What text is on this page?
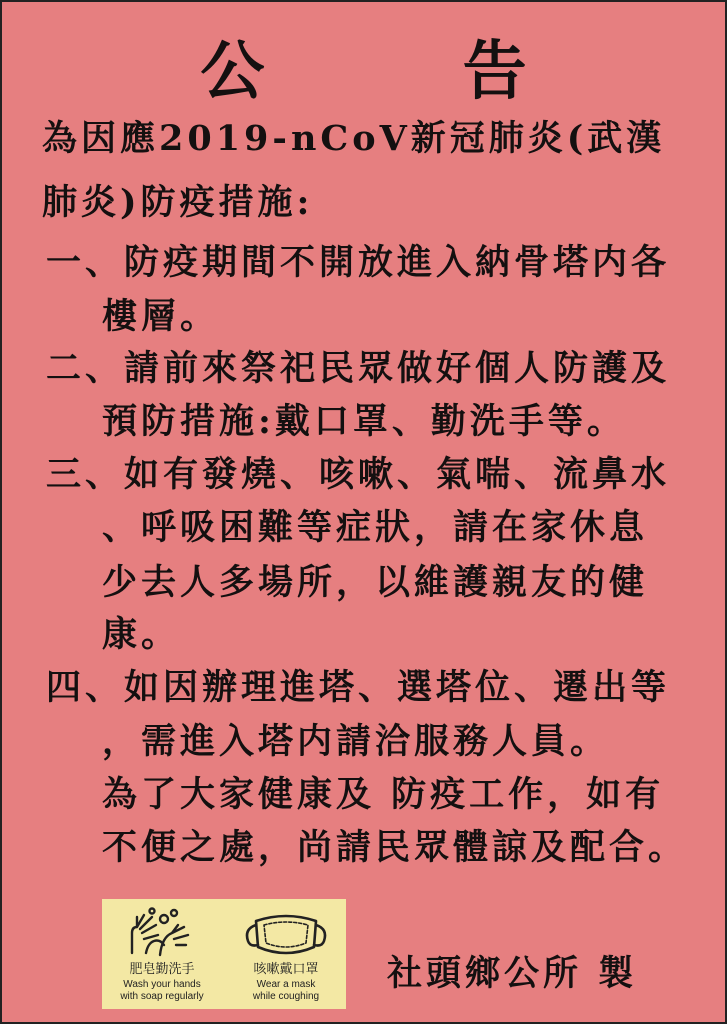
公 告
為因應2019-nCoV新冠肺炎(武漢
肺炎)防疫措施:
一、防疫期間不開放進入納骨塔内各
樓層。
二、請前來祭祀民眾做好個人防護及
預防措施:戴口罩、勤洗手等。
三、如有發燒、咳嗽、氣喘、流鼻水
、呼吸困難等症狀，請在家休息
少去人多場所，以維護親友的健
康。
四、如因辦理進塔、選塔位、遷出等
，需進入塔内請洽服務人員。
為了大家健康及 防疫工作，如有
不便之處，尚請民眾體諒及配合。
肥皂勤洗手
Wash your hands
with soap regularly
咳嗽戴口罩
Wear a mask
while coughing
社頭鄉公所 製
